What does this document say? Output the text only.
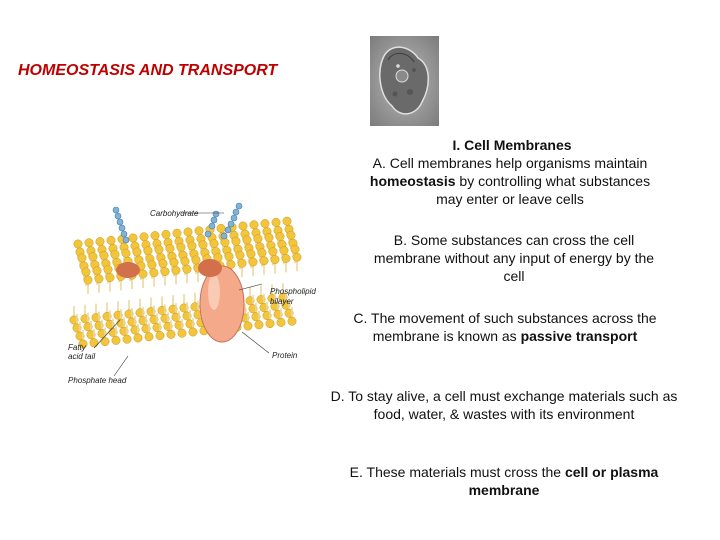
HOMEOSTASIS AND TRANSPORT
Carbohydrate
Phospholipid
bilayer
Fatty
acid tail	Protein
Phosphate head
I. Cell Membranes
A. Cell membranes help organisms maintain
homeostasis by controlling what substances may enter or leave cells
B. Some substances can cross the cell membrane without any input of energy by the cell
C. The movement of such substances across the membrane is known as passive transport
D. To stay alive, a cell must exchange materials such as food, water, & wastes with its environment
E. These materials must cross the cell or plasma membrane
